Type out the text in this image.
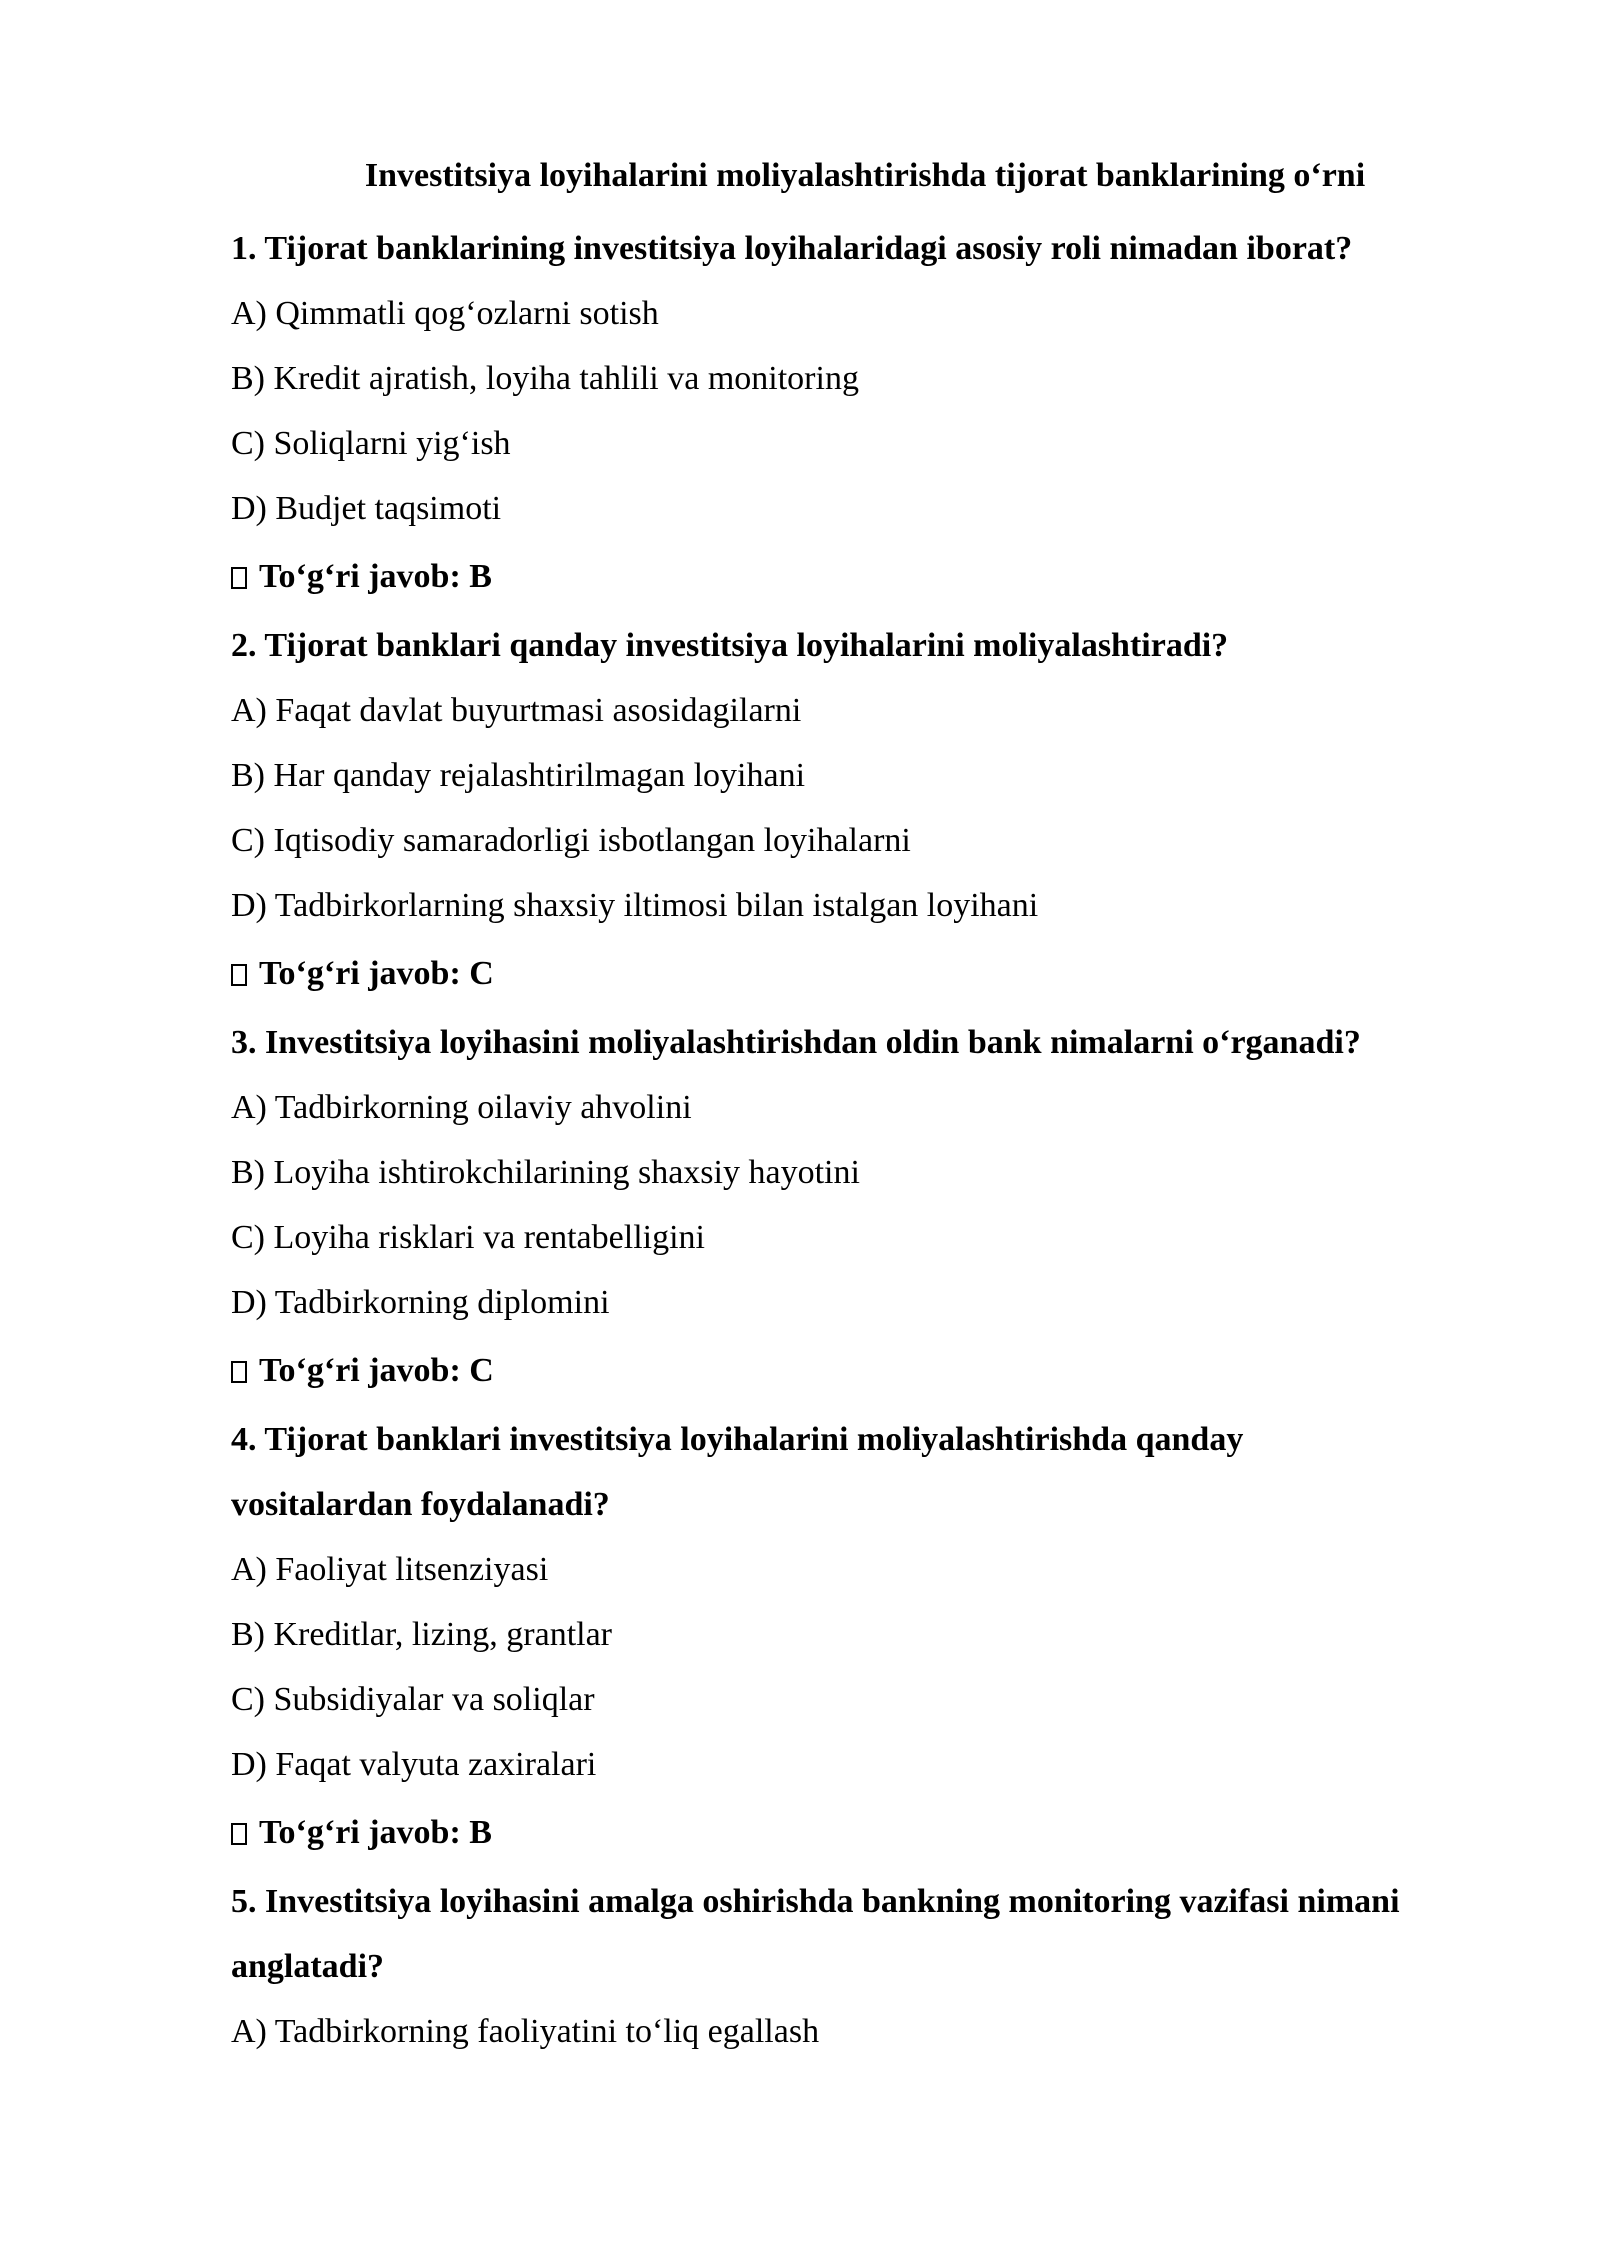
Investitsiya loyihalarini moliyalashtirishda tijorat banklarining o‘rni
1. Tijorat banklarining investitsiya loyihalaridagi asosiy roli nimadan iborat?
A) Qimmatli qog‘ozlarni sotish
B) Kredit ajratish, loyiha tahlili va monitoring
C) Soliqlarni yig‘ish
D) Budjet taqsimoti
To‘g‘ri javob: B
2. Tijorat banklari qanday investitsiya loyihalarini moliyalashtiradi?
A) Faqat davlat buyurtmasi asosidagilarni
B) Har qanday rejalashtirilmagan loyihani
C) Iqtisodiy samaradorligi isbotlangan loyihalarni
D) Tadbirkorlarning shaxsiy iltimosi bilan istalgan loyihani
To‘g‘ri javob: C
3. Investitsiya loyihasini moliyalashtirishdan oldin bank nimalarni o‘rganadi?
A) Tadbirkorning oilaviy ahvolini
B) Loyiha ishtirokchilarining shaxsiy hayotini
C) Loyiha risklari va rentabelligini
D) Tadbirkorning diplomini
To‘g‘ri javob: C
4. Tijorat banklari investitsiya loyihalarini moliyalashtirishda qanday vositalardan foydalanadi?
A) Faoliyat litsenziyasi
B) Kreditlar, lizing, grantlar
C) Subsidiyalar va soliqlar
D) Faqat valyuta zaxiralari
To‘g‘ri javob: B
5. Investitsiya loyihasini amalga oshirishda bankning monitoring vazifasi nimani anglatadi?
A) Tadbirkorning faoliyatini to‘liq egallash
